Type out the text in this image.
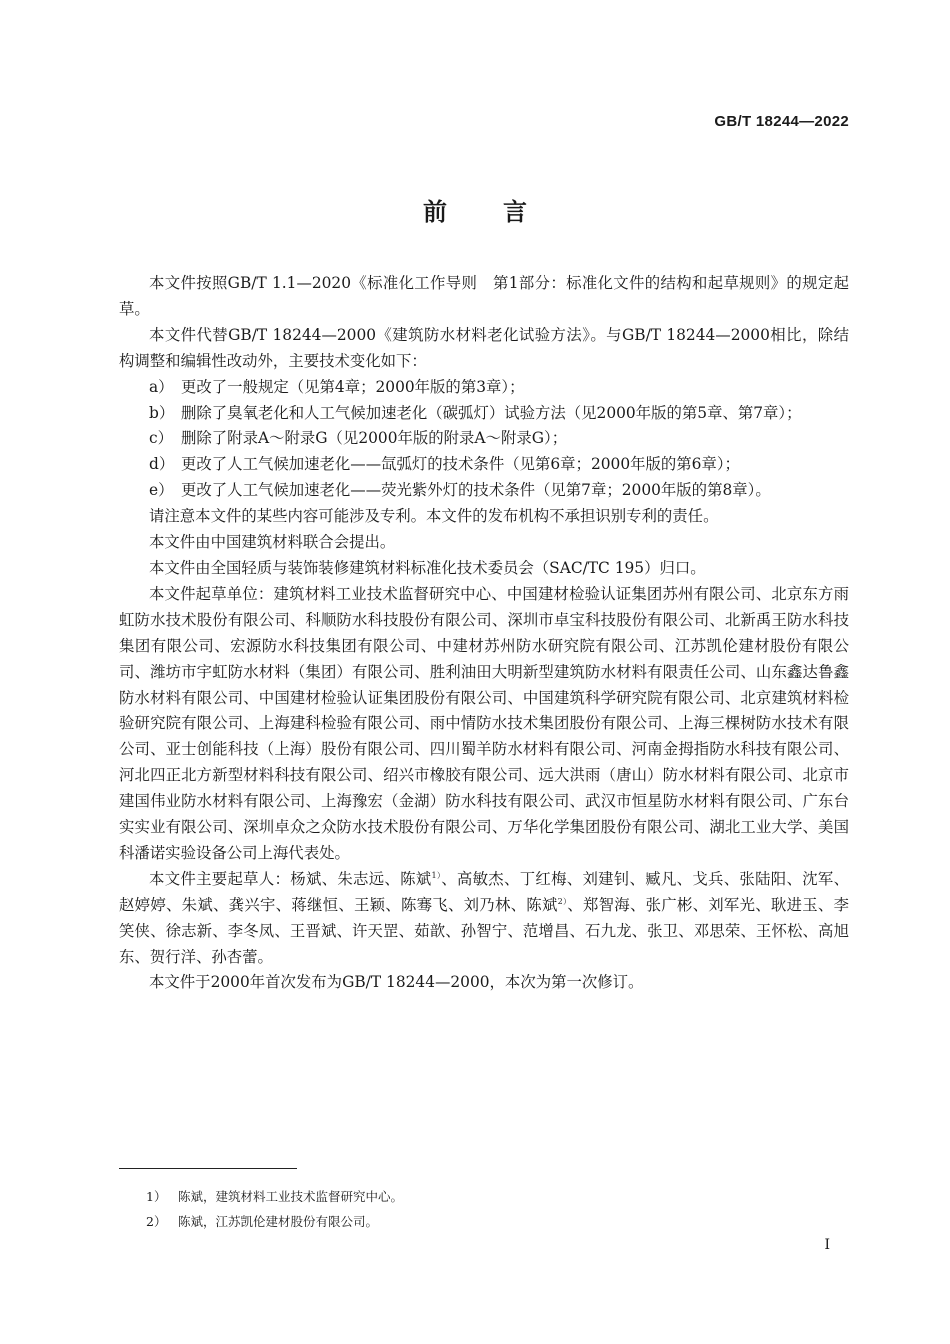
GB/T 18244—2022
前言

本文件按照GB/T 1.1—2020《标准化工作导则　第1部分：标准化文件的结构和起草规则》的规定起草。

本文件代替GB/T 18244—2000《建筑防水材料老化试验方法》。与GB/T 18244—2000相比，除结构调整和编辑性改动外，主要技术变化如下：

a） 更改了一般规定（见第4章；2000年版的第3章）；

b） 删除了臭氧老化和人工气候加速老化（碳弧灯）试验方法（见2000年版的第5章、第7章）；

c） 删除了附录A～附录G（见2000年版的附录A～附录G）；

d） 更改了人工气候加速老化——氙弧灯的技术条件（见第6章；2000年版的第6章）；

e） 更改了人工气候加速老化——荧光紫外灯的技术条件（见第7章；2000年版的第8章）。

请注意本文件的某些内容可能涉及专利。本文件的发布机构不承担识别专利的责任。

本文件由中国建筑材料联合会提出。

本文件由全国轻质与装饰装修建筑材料标准化技术委员会（SAC/TC 195）归口。

本文件起草单位：建筑材料工业技术监督研究中心、中国建材检验认证集团苏州有限公司、北京东方雨虹防水技术股份有限公司、科顺防水科技股份有限公司、深圳市卓宝科技股份有限公司、北新禹王防水科技集团有限公司、宏源防水科技集团有限公司、中建材苏州防水研究院有限公司、江苏凯伦建材股份有限公司、潍坊市宇虹防水材料（集团）有限公司、胜利油田大明新型建筑防水材料有限责任公司、山东鑫达鲁鑫防水材料有限公司、中国建材检验认证集团股份有限公司、中国建筑科学研究院有限公司、北京建筑材料检验研究院有限公司、上海建科检验有限公司、雨中情防水技术集团股份有限公司、上海三棵树防水技术有限公司、亚士创能科技（上海）股份有限公司、四川蜀羊防水材料有限公司、河南金拇指防水科技有限公司、河北四正北方新型材料科技有限公司、绍兴市橡胶有限公司、远大洪雨（唐山）防水材料有限公司、北京市建国伟业防水材料有限公司、上海豫宏（金湖）防水科技有限公司、武汉市恒星防水材料有限公司、广东台实实业有限公司、深圳卓众之众防水技术股份有限公司、万华化学集团股份有限公司、湖北工业大学、美国科潘诺实验设备公司上海代表处。

本文件主要起草人：杨斌、朱志远、陈斌$^{1)}$、高敏杰、丁红梅、刘建钊、臧凡、戈兵、张陆阳、沈军、赵婷婷、朱斌、龚兴宇、蒋继恒、王颖、陈骞飞、刘乃林、陈斌$^{2)}$、郑智海、张广彬、刘军光、耿进玉、李笑侠、徐志新、李冬凤、王晋斌、许天罡、茹歆、孙智宁、范增昌、石九龙、张卫、邓思荣、王怀松、高旭东、贺行洋、孙杏蕾。

本文件于2000年首次发布为GB/T 18244—2000，本次为第一次修订。

1） 陈斌，建筑材料工业技术监督研究中心。
2） 陈斌，江苏凯伦建材股份有限公司。
I
